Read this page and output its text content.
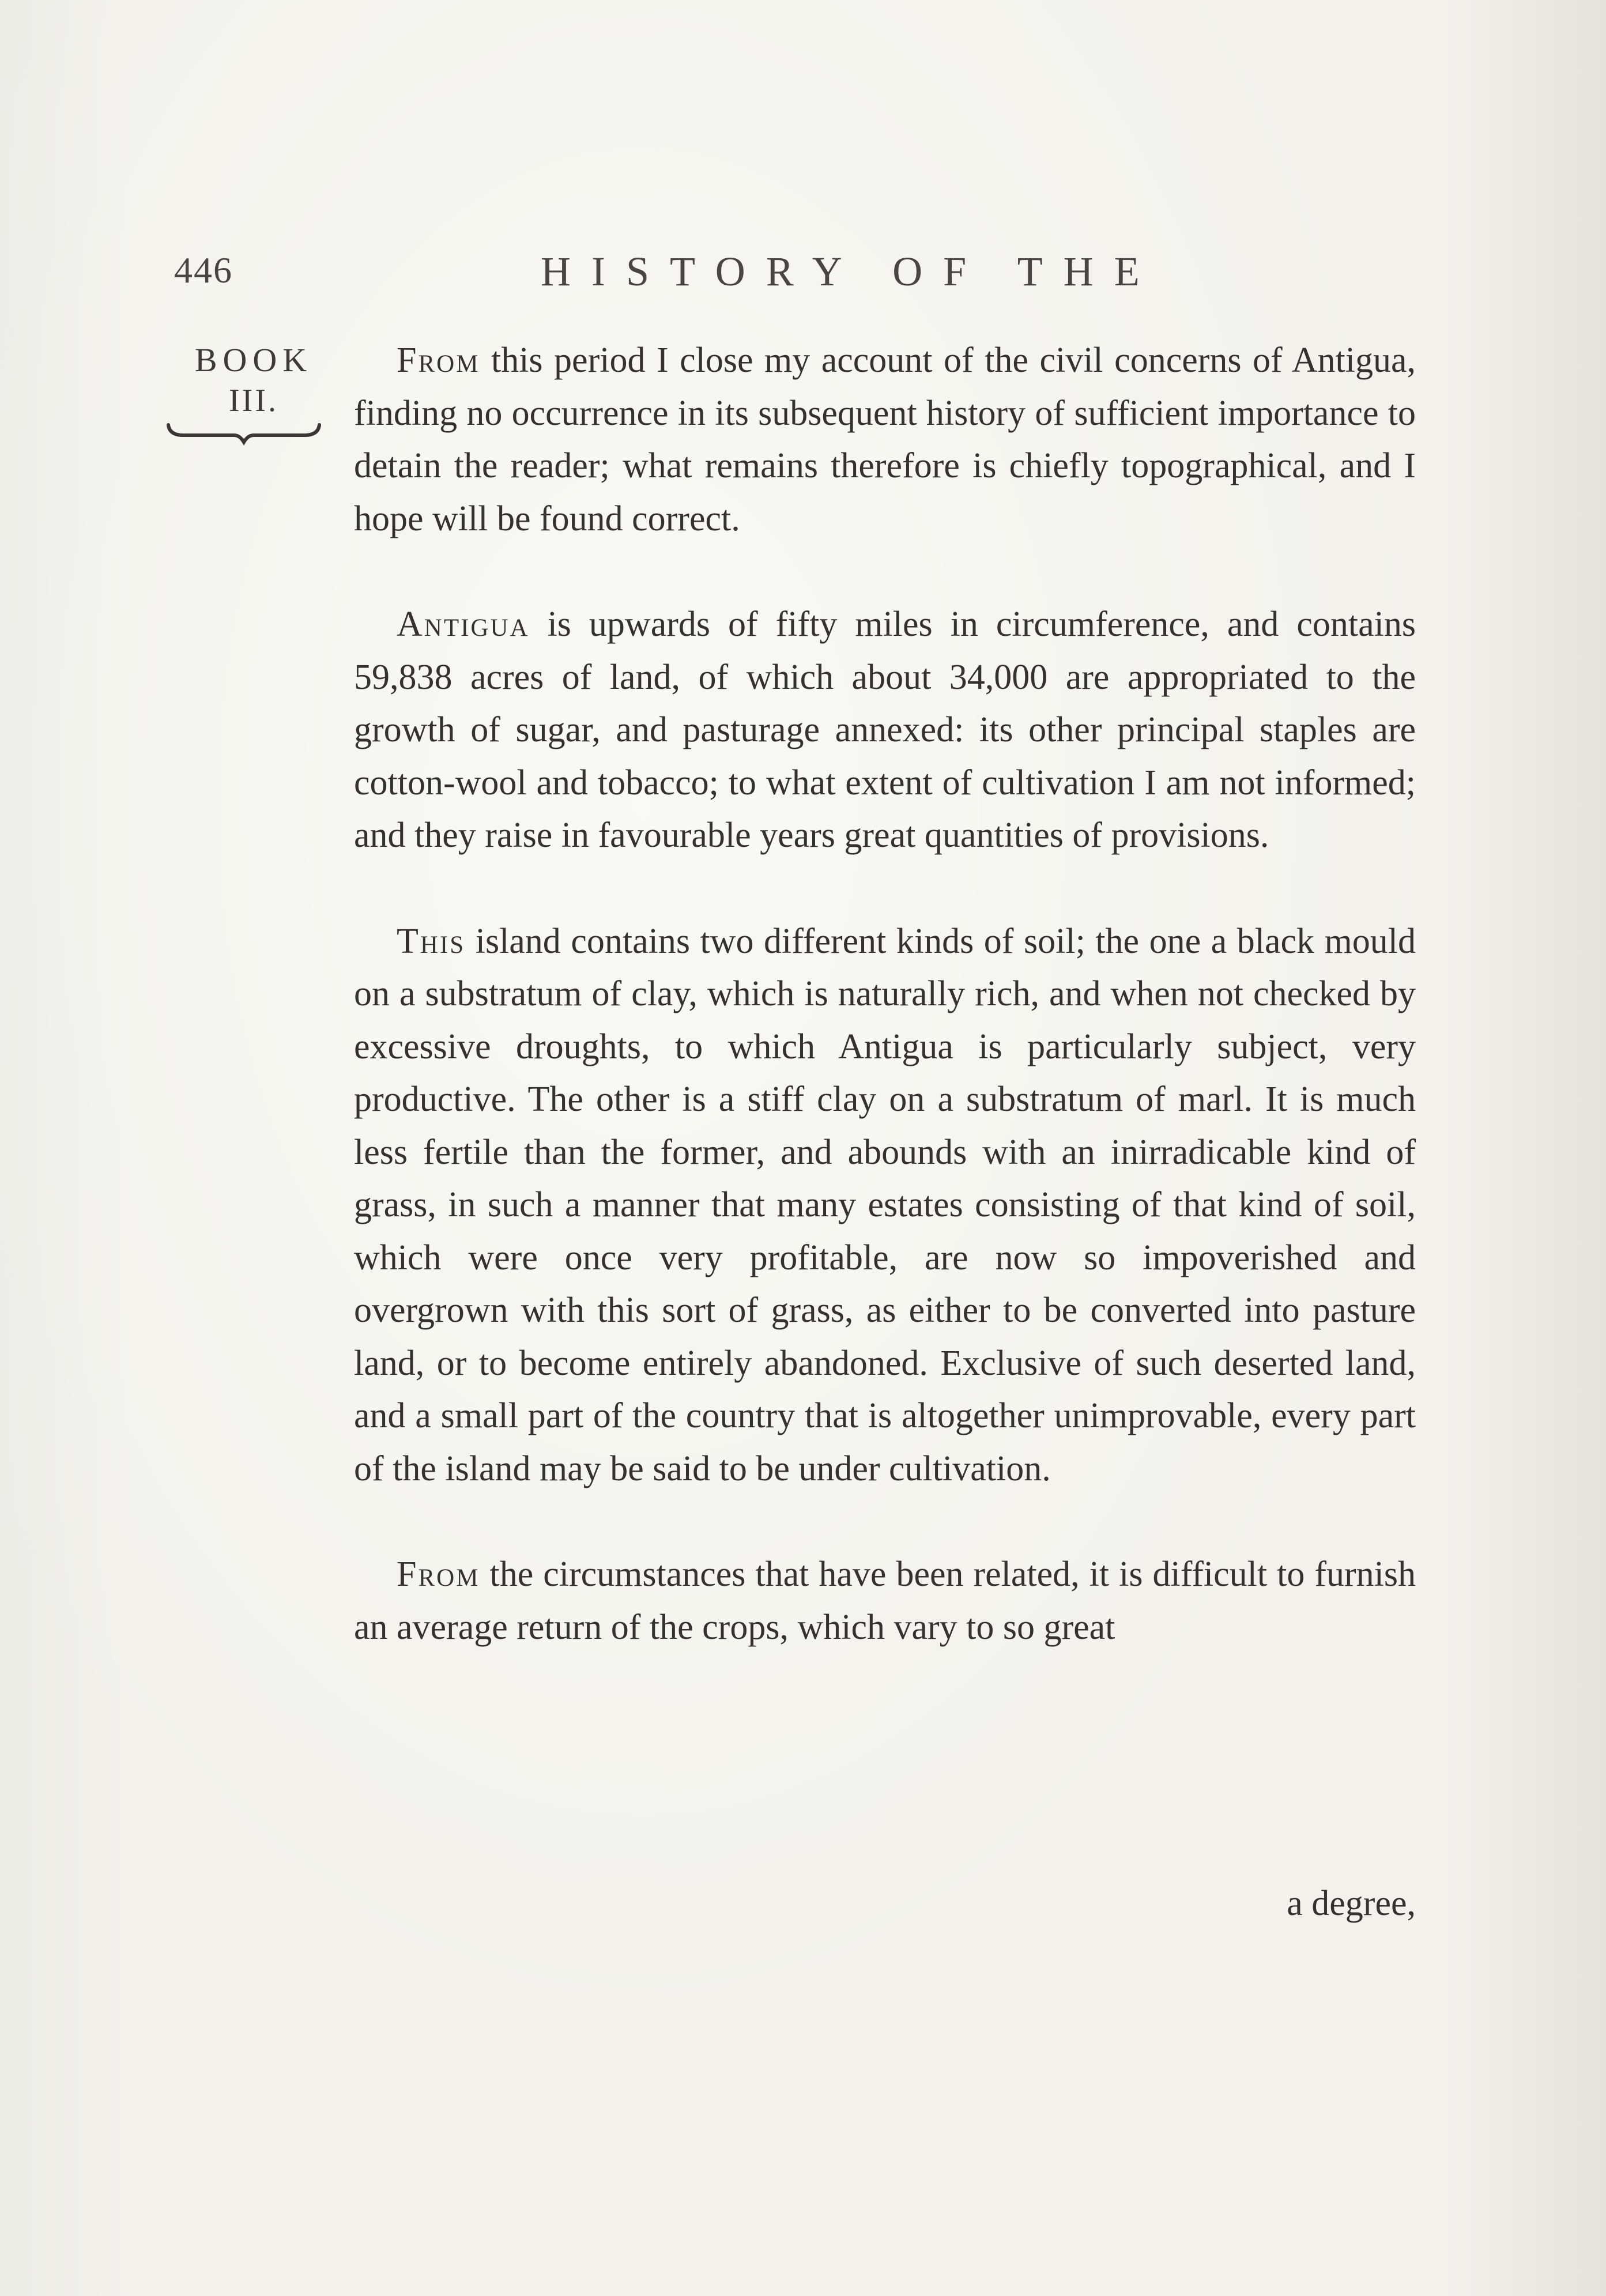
446	HISTORY OF THE
BOOK
III.

From this period I close my account of the civil concerns of Antigua, finding no occurrence in its subsequent history of sufficient importance to detain the reader; what remains therefore is chiefly topographical, and I hope will be found correct.

Antigua is upwards of fifty miles in circumference, and contains 59,838 acres of land, of which about 34,000 are appropriated to the growth of sugar, and pasturage annexed: its other principal staples are cotton-wool and tobacco; to what extent of cultivation I am not informed; and they raise in favourable years great quantities of provisions.

This island contains two different kinds of soil; the one a black mould on a substratum of clay, which is naturally rich, and when not checked by excessive droughts, to which Antigua is particularly subject, very productive. The other is a stiff clay on a substratum of marl. It is much less fertile than the former, and abounds with an inirradicable kind of grass, in such a manner that many estates consisting of that kind of soil, which were once very profitable, are now so impoverished and overgrown with this sort of grass, as either to be converted into pasture land, or to become entirely abandoned. Exclusive of such deserted land, and a small part of the country that is altogether unimprovable, every part of the island may be said to be under cultivation.

From the circumstances that have been related, it is difficult to furnish an average return of the crops, which vary to so great

a degree,
